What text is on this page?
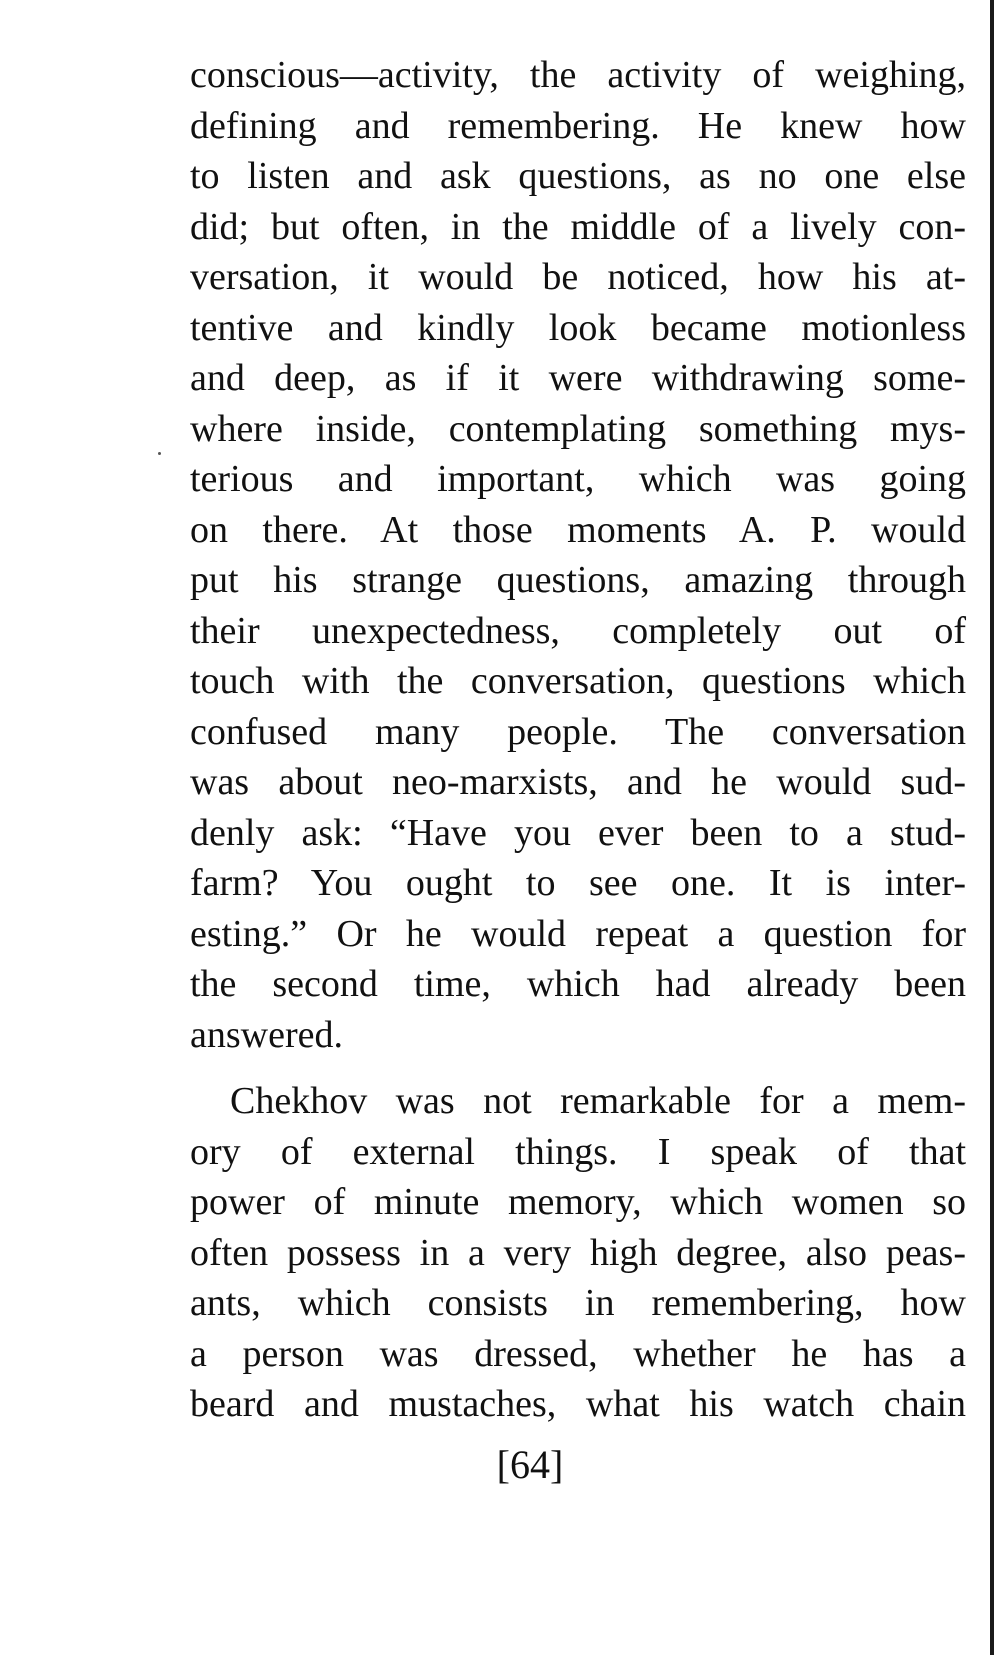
conscious—activity, the activity of weighing,
defining and remembering. He knew how
to listen and ask questions, as no one else
did; but often, in the middle of a lively con-
versation, it would be noticed, how his at-
tentive and kindly look became motionless
and deep, as if it were withdrawing some-
where inside, contemplating something mys-
terious and important, which was going
on there. At those moments A. P. would
put his strange questions, amazing through
their unexpectedness, completely out of
touch with the conversation, questions which
confused many people. The conversation
was about neo-marxists, and he would sud-
denly ask: “Have you ever been to a stud-
farm? You ought to see one. It is inter-
esting.” Or he would repeat a question for
the second time, which had already been
answered.
Chekhov was not remarkable for a mem-
ory of external things. I speak of that
power of minute memory, which women so
often possess in a very high degree, also peas-
ants, which consists in remembering, how
a person was dressed, whether he has a
beard and mustaches, what his watch chain
[64]
